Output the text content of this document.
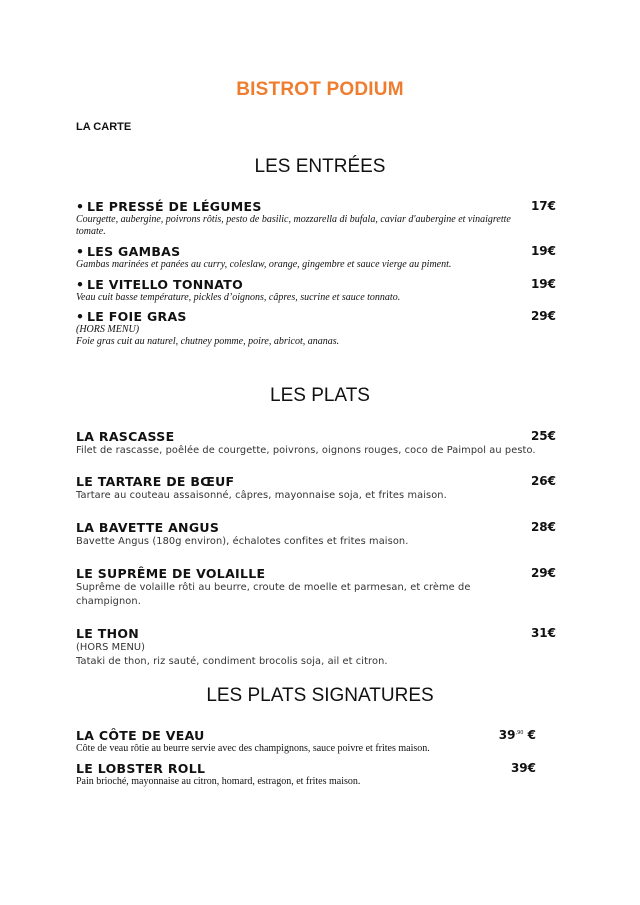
BISTROT PODIUM
LA CARTE
LES ENTRÉES
• LE PRESSÉ DE LÉGUMES	17€
Courgette, aubergine, poivrons rôtis, pesto de basilic, mozzarella di bufala, caviar d'aubergine et vinaigrette tomate.
• LES GAMBAS	19€
Gambas marinées et panées au curry, coleslaw, orange, gingembre et sauce vierge au piment.
• LE VITELLO TONNATO	19€
Veau cuit basse température, pickles d’oignons, câpres, sucrine et sauce tonnato.
• LE FOIE GRAS	29€
(HORS MENU)
Foie gras cuit au naturel, chutney pomme, poire, abricot, ananas.
LES PLATS
LA RASCASSE	25€
Filet de rascasse, poêlée de courgette, poivrons, oignons rouges, coco de Paimpol au pesto.
LE TARTARE DE BŒUF	26€
Tartare au couteau assaisonné, câpres, mayonnaise soja, et frites maison.
LA BAVETTE ANGUS	28€
Bavette Angus (180g environ), échalotes confites et frites maison.
LE SUPRÊME DE VOLAILLE	29€
Suprême de volaille rôti au beurre, croute de moelle et parmesan, et crème de champignon.
LE THON	31€
(HORS MENU)
Tataki de thon, riz sauté, condiment brocolis soja, ail et citron.
LES PLATS SIGNATURES
LA CÔTE DE VEAU	$39^{,90}$ €
Côte de veau rôtie au beurre servie avec des champignons, sauce poivre et frites maison.
LE LOBSTER ROLL	39€
Pain brioché, mayonnaise au citron, homard, estragon, et frites maison.
